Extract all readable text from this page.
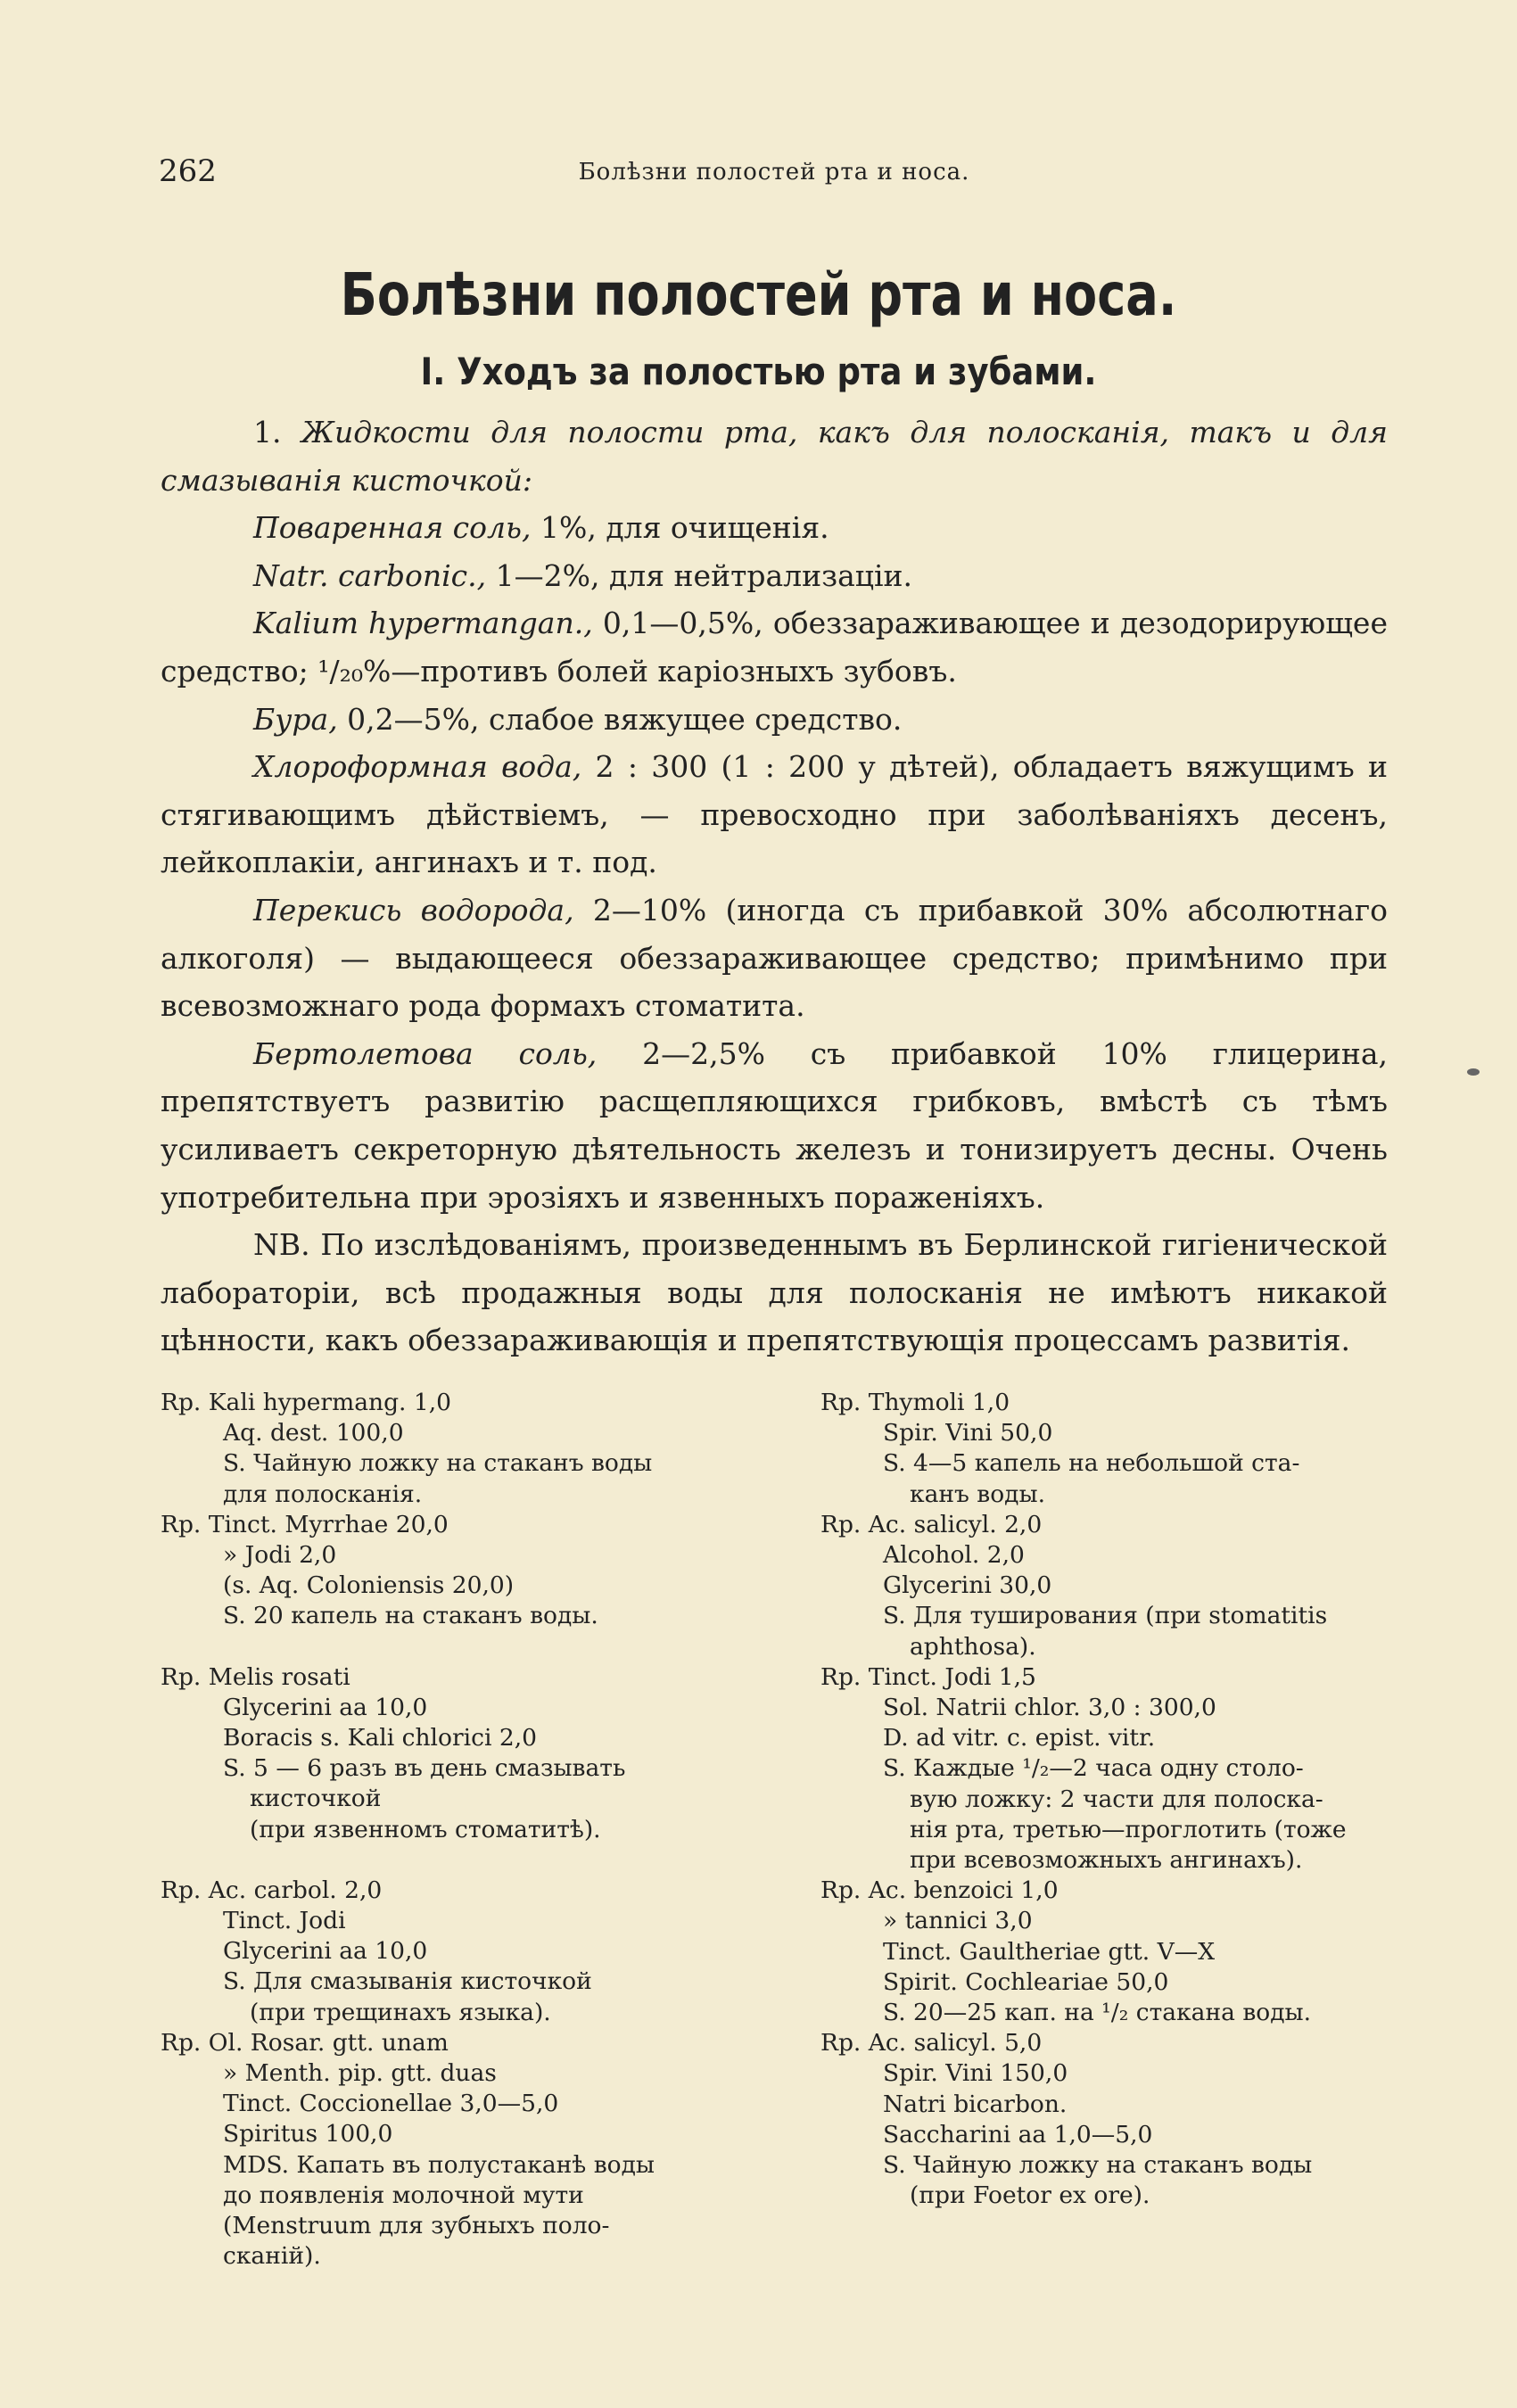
262	Болѣзни полостей рта и носа.
Болѣзни полостей рта и носа.
I. Уходъ за полостью рта и зубами.

1. Жидкости для полости рта, какъ для полосканія, такъ и для смазыванія кисточкой:

Поваренная соль, 1%, для очищенія.

Natr. carbonic., 1—2%, для нейтрализаціи.

Kalium hypermangan., 0,1—0,5%, обеззараживающее и дезодорирующее средство; ¹/₂₀%—противъ болей каріозныхъ зубовъ.

Бура, 0,2—5%, слабое вяжущее средство.

Хлороформная вода, 2 : 300 (1 : 200 у дѣтей), обладаетъ вяжущимъ и стягивающимъ дѣйствіемъ, — превосходно при заболѣваніяхъ десенъ, лейкоплакіи, ангинахъ и т. под.

Перекись водорода, 2—10% (иногда съ прибавкой 30% абсолютнаго алкоголя) — выдающееся обеззараживающее средство; примѣнимо при всевозможнаго рода формахъ стоматита.

Бертолетова соль, 2—2,5% съ прибавкой 10% глицерина, препятствуетъ развитію расщепляющихся грибковъ, вмѣстѣ съ тѣмъ усиливаетъ секреторную дѣятельность железъ и тонизируетъ десны. Очень употребительна при эрозіяхъ и язвенныхъ пораженіяхъ.

NB. По изслѣдованіямъ, произведеннымъ въ Берлинской гигіенической лабораторіи, всѣ продажныя воды для полосканія не имѣютъ никакой цѣнности, какъ обеззараживающія и препятствующія процессамъ развитія.

Rp. Kali hypermang. 1,0
Aq. dest. 100,0
S. Чайную ложку на стаканъ воды
для полосканія.
Rp. Tinct. Myrrhae 20,0
» Jodi 2,0
(s. Aq. Coloniensis 20,0)
S. 20 капель на стаканъ воды.
Rp. Melis rosati
Glycerini aa 10,0
Boracis s. Kali chlorici 2,0
S. 5 — 6 разъ въ день смазывать
кисточкой
(при язвенномъ стоматитѣ).
Rp. Ac. carbol. 2,0
Tinct. Jodi
Glycerini aa 10,0
S. Для смазыванія кисточкой
(при трещинахъ языка).
Rp. Ol. Rosar. gtt. unam
» Menth. pip. gtt. duas
Tinct. Coccionellae 3,0—5,0
Spiritus 100,0
MDS. Капать въ полустаканѣ воды
до появленія молочной мути
(Menstruum для зубныхъ поло-
сканій).
Rp. Thymoli 1,0
Spir. Vini 50,0
S. 4—5 капель на небольшой ста-
канъ воды.
Rp. Ac. salicyl. 2,0
Alcohol. 2,0
Glycerini 30,0
S. Для туширования (при stomatitis
aphthosa).
Rp. Tinct. Jodi 1,5
Sol. Natrii chlor. 3,0 : 300,0
D. ad vitr. c. epist. vitr.
S. Каждые ¹/₂—2 часа одну столо-
вую ложку: 2 части для полоска-
нія рта, третью—проглотить (тоже
при всевозможныхъ ангинахъ).
Rp. Ac. benzoici 1,0
» tannici 3,0
Tinct. Gaultheriae gtt. V—X
Spirit. Cochleariae 50,0
S. 20—25 кап. на ¹/₂ стакана воды.
Rp. Ac. salicyl. 5,0
Spir. Vini 150,0
Natri bicarbon.
Saccharini aa 1,0—5,0
S. Чайную ложку на стаканъ воды
(при Foetor ex ore).
